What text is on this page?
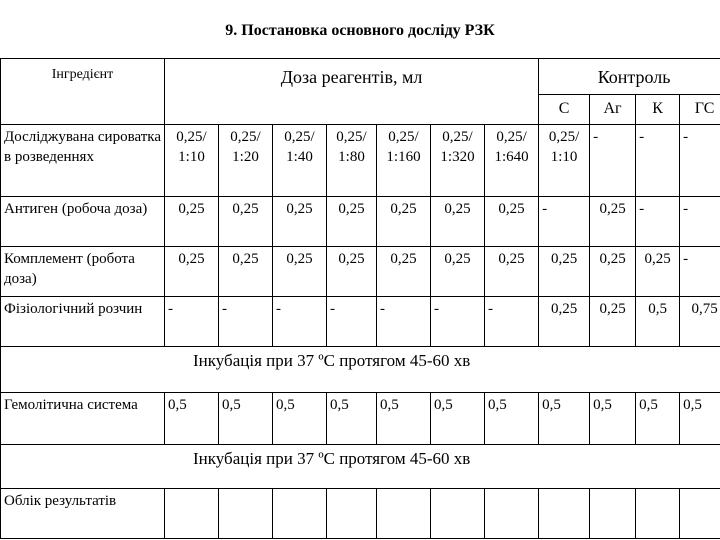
9. Постановка основного досліду РЗК
Інгредієнт	Доза реагентів, мл							Контроль			
								С	Аг	К	ГС
Досліджувана сироватка в розведеннях	0,25/ 1:10	0,25/ 1:20	0,25/ 1:40	0,25/ 1:80	0,25/ 1:160	0,25/ 1:320	0,25/ 1:640	0,25/ 1:10	-	-	-
Антиген (робоча доза)	0,25	0,25	0,25	0,25	0,25	0,25	0,25	-	0,25	-	-
Комплемент (робота доза)	0,25	0,25	0,25	0,25	0,25	0,25	0,25	0,25	0,25	0,25	-
Фізіологічний розчин	-	-	-	-	-	-	-	0,25	0,25	0,5	0,75
Інкубація при 37 ºС протягом 45-60 хв											
Гемолітична система	0,5	0,5	0,5	0,5	0,5	0,5	0,5	0,5	0,5	0,5	0,5
Інкубація при 37 ºС протягом 45-60 хв											
Облік результатів											
